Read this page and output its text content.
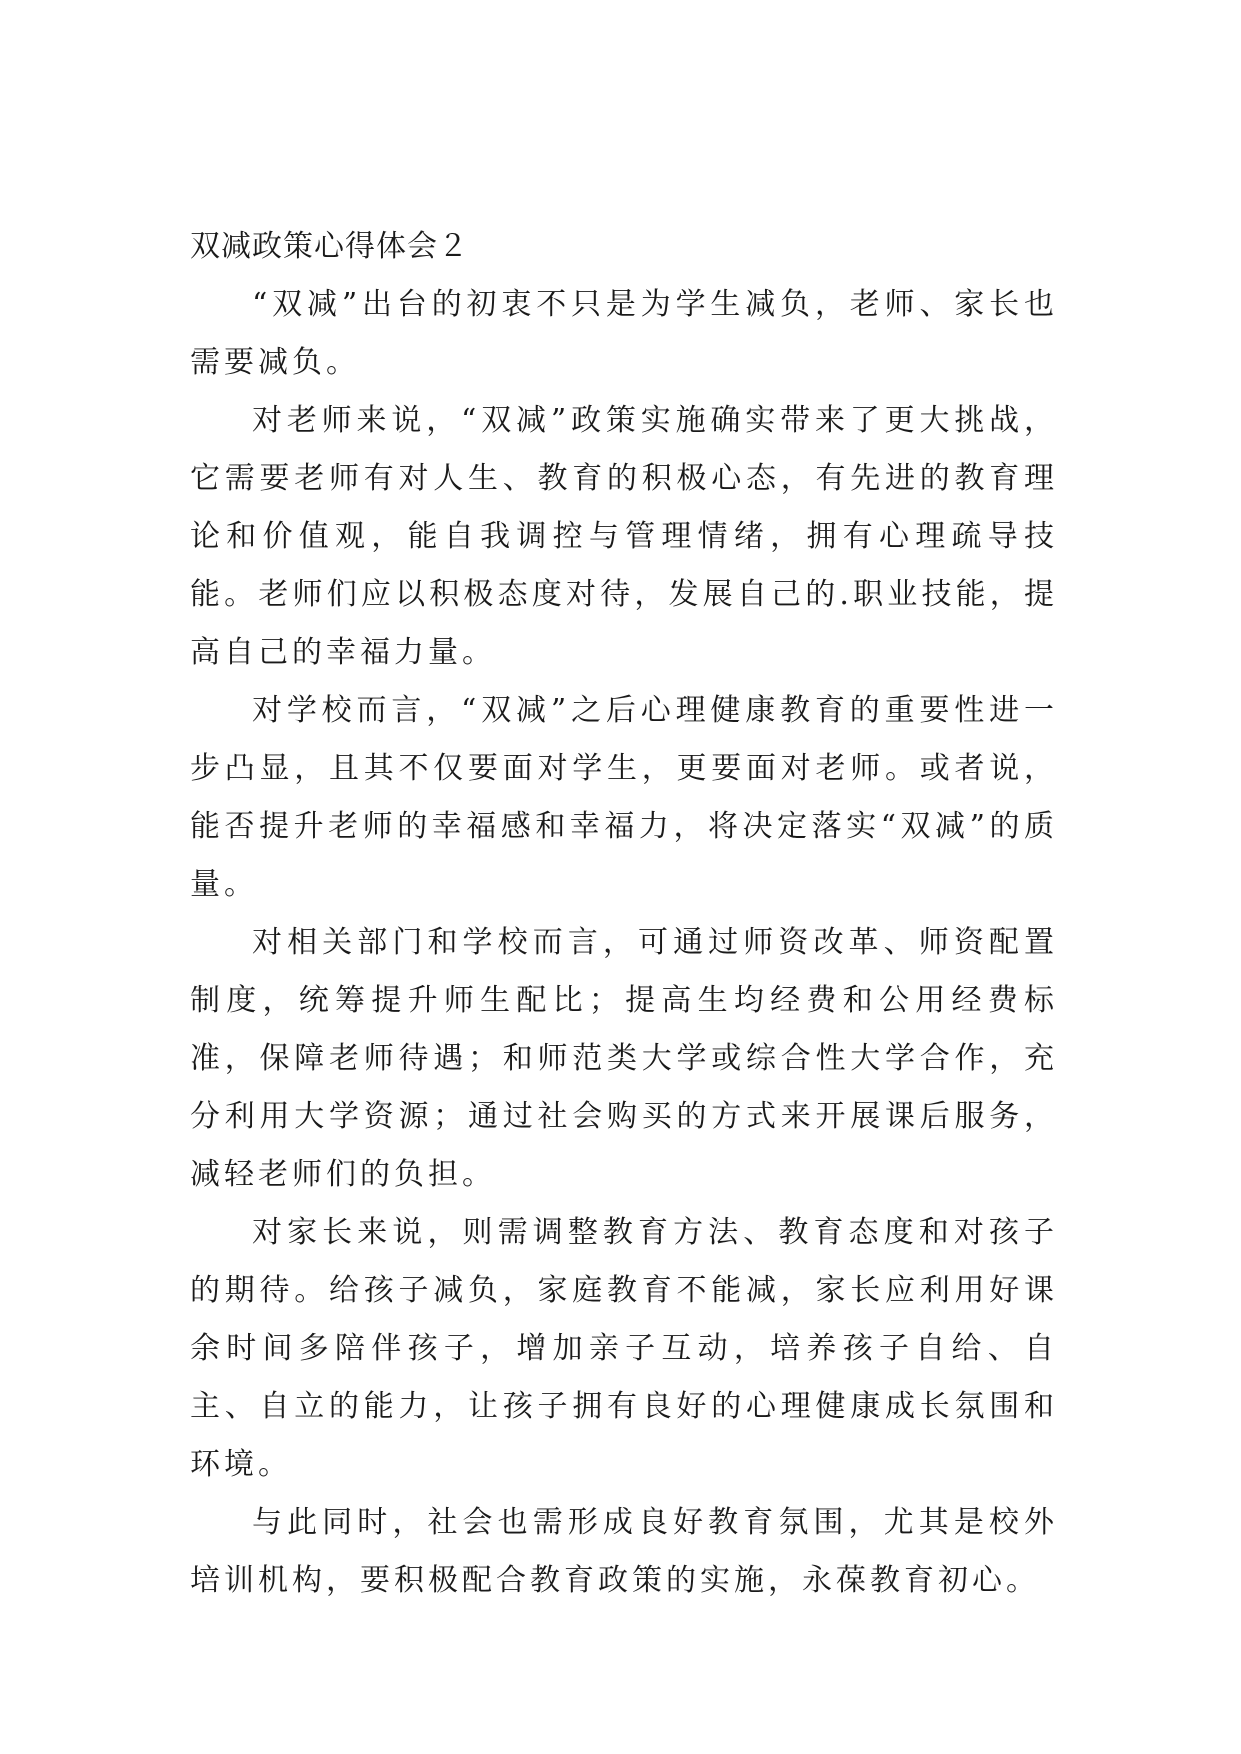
双减政策心得体会２

“双减”出台的初衷不只是为学生减负，老师、家长也需要减负。

对老师来说，“双减”政策实施确实带来了更大挑战，它需要老师有对人生、教育的积极心态，有先进的教育理论和价值观，能自我调控与管理情绪，拥有心理疏导技能。老师们应以积极态度对待，发展自己的.职业技能，提高自己的幸福力量。

对学校而言，“双减”之后心理健康教育的重要性进一步凸显，且其不仅要面对学生，更要面对老师。或者说，能否提升老师的幸福感和幸福力，将决定落实“双减”的质量。

对相关部门和学校而言，可通过师资改革、师资配置制度，统筹提升师生配比；提高生均经费和公用经费标准，保障老师待遇；和师范类大学或综合性大学合作，充分利用大学资源；通过社会购买的方式来开展课后服务，减轻老师们的负担。

对家长来说，则需调整教育方法、教育态度和对孩子的期待。给孩子减负，家庭教育不能减，家长应利用好课余时间多陪伴孩子，增加亲子互动，培养孩子自给、自主、自立的能力，让孩子拥有良好的心理健康成长氛围和环境。

与此同时，社会也需形成良好教育氛围，尤其是校外培训机构，要积极配合教育政策的实施，永葆教育初心。
